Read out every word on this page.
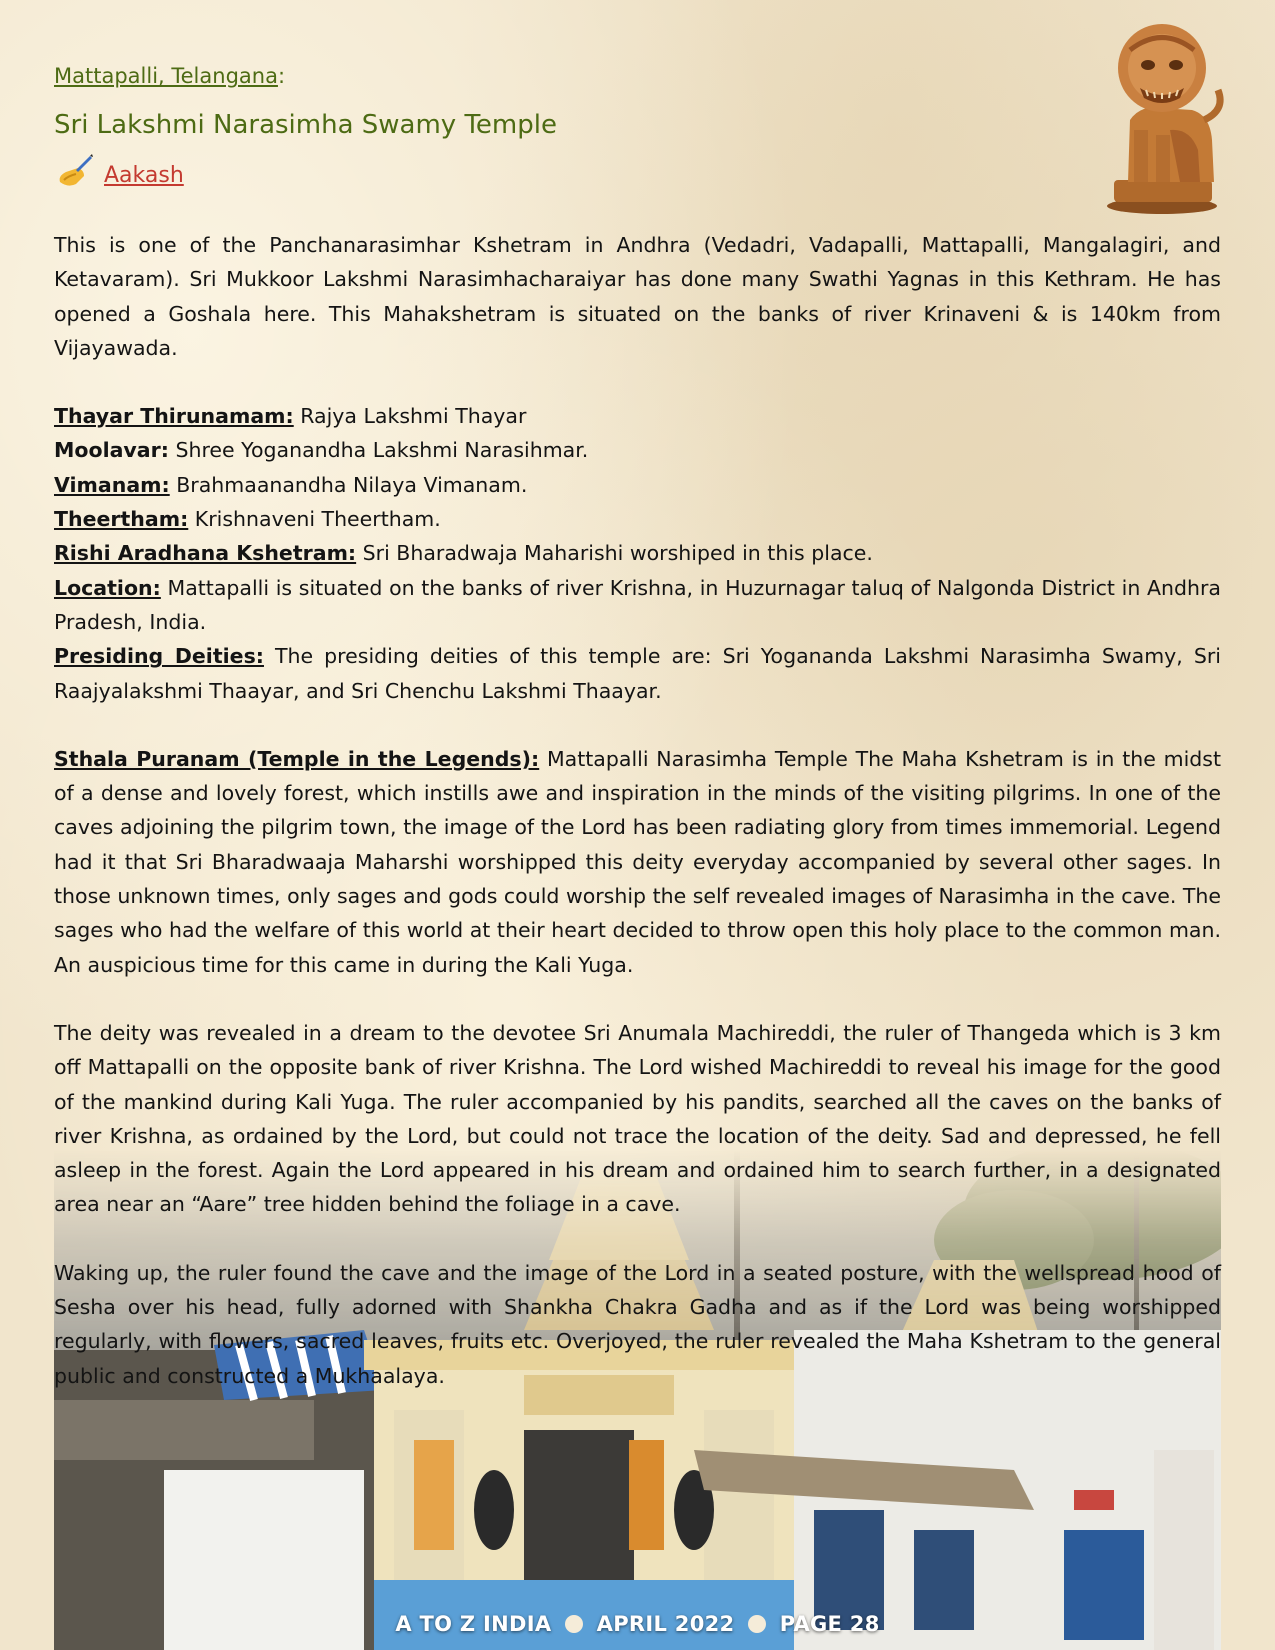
Mattapalli, Telangana:
Sri Lakshmi Narasimha Swamy Temple
Aakash

This is one of the Panchanarasimhar Kshetram in Andhra (Vedadri, Vadapalli, Mattapalli, Mangalagiri, and Ketavaram). Sri Mukkoor Lakshmi Narasimhacharaiyar has done many Swathi Yagnas in this Kethram. He has opened a Goshala here. This Mahakshetram is situated on the banks of river Krinaveni & is 140km from Vijayawada.

Thayar Thirunamam: Rajya Lakshmi Thayar

Moolavar: Shree Yoganandha Lakshmi Narasihmar.

Vimanam: Brahmaanandha Nilaya Vimanam.

Theertham: Krishnaveni Theertham.

Rishi Aradhana Kshetram: Sri Bharadwaja Maharishi worshiped in this place.

Location: Mattapalli is situated on the banks of river Krishna, in Huzurnagar taluq of Nalgonda District in Andhra Pradesh, India.

Presiding Deities: The presiding deities of this temple are: Sri Yogananda Lakshmi Narasimha Swamy, Sri Raajyalakshmi Thaayar, and Sri Chenchu Lakshmi Thaayar.

Sthala Puranam (Temple in the Legends): Mattapalli Narasimha Temple The Maha Kshetram is in the midst of a dense and lovely forest, which instills awe and inspiration in the minds of the visiting pilgrims. In one of the caves adjoining the pilgrim town, the image of the Lord has been radiating glory from times immemorial. Legend had it that Sri Bharadwaaja Maharshi worshipped this deity everyday accompanied by several other sages. In those unknown times, only sages and gods could worship the self revealed images of Narasimha in the cave. The sages who had the welfare of this world at their heart decided to throw open this holy place to the common man. An auspicious time for this came in during the Kali Yuga.

The deity was revealed in a dream to the devotee Sri Anumala Machireddi, the ruler of Thangeda which is 3 km off Mattapalli on the opposite bank of river Krishna. The Lord wished Machireddi to reveal his image for the good of the mankind during Kali Yuga. The ruler accompanied by his pandits, searched all the caves on the banks of river Krishna, as ordained by the Lord, but could not trace the location of the deity. Sad and depressed, he fell asleep in the forest. Again the Lord appeared in his dream and ordained him to search further, in a designated area near an “Aare” tree hidden behind the foliage in a cave.

Waking up, the ruler found the cave and the image of the Lord in a seated posture, with the wellspread hood of Sesha over his head, fully adorned with Shankha Chakra Gadha and as if the Lord was being worshipped regularly, with flowers, sacred leaves, fruits etc. Overjoyed, the ruler revealed the Maha Kshetram to the general public and constructed a Mukhaalaya.

A TO Z INDIA APRIL 2022 PAGE 28
